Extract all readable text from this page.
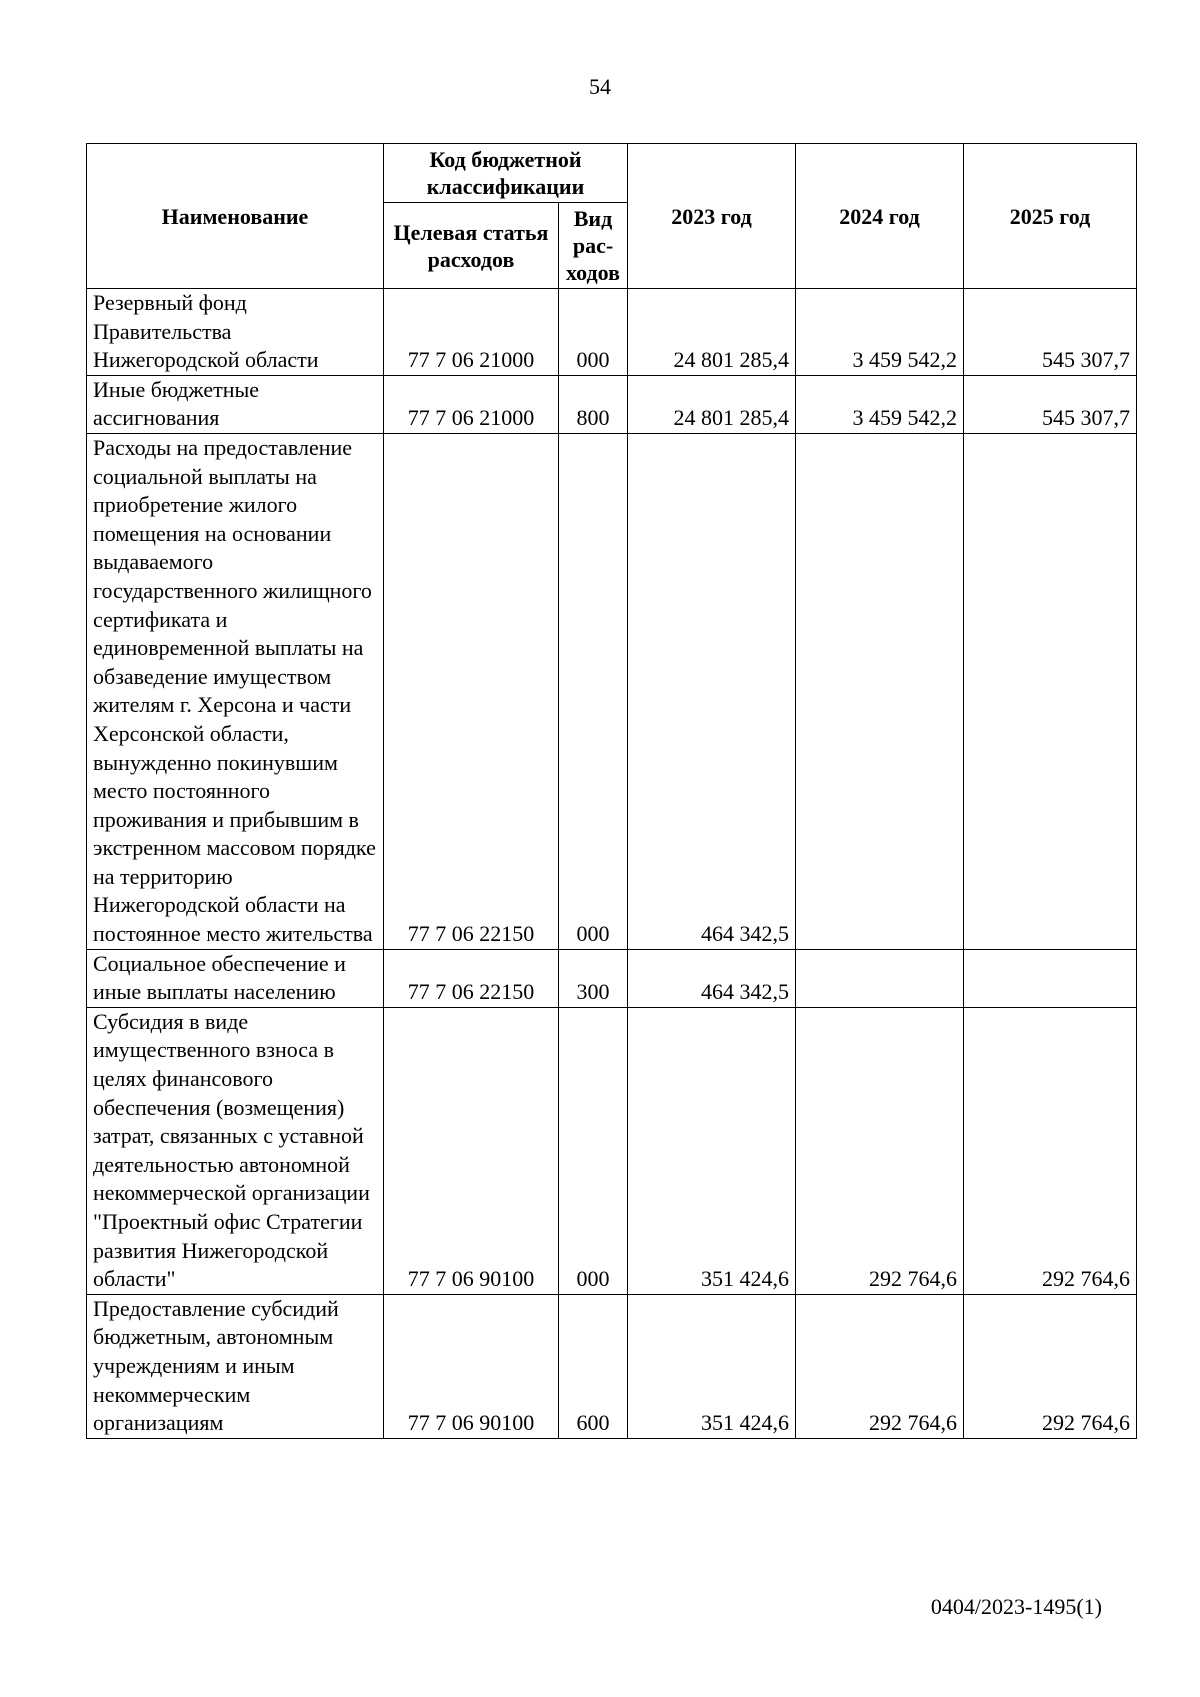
54
Наименование	Код бюджетной классификации		2023 год	2024 год	2025 год
	Целевая статья расходов	Вид рас-ходов			
Резервный фонд Правительства Нижегородской области	77 7 06 21000	000	24 801 285,4	3 459 542,2	545 307,7
Иные бюджетные ассигнования	77 7 06 21000	800	24 801 285,4	3 459 542,2	545 307,7
Расходы на предоставление социальной выплаты на приобретение жилого помещения на основании выдаваемого государственного жилищного сертификата и единовременной выплаты на обзаведение имуществом жителям г. Херсона и части Херсонской области, вынужденно покинувшим место постоянного проживания и прибывшим в экстренном массовом порядке на территорию Нижегородской области на постоянное место жительства	77 7 06 22150	000	464 342,5		
Социальное обеспечение и иные выплаты населению	77 7 06 22150	300	464 342,5		
Субсидия в виде имущественного взноса в целях финансового обеспечения (возмещения) затрат, связанных с уставной деятельностью автономной некоммерческой организации "Проектный офис Стратегии развития Нижегородской области"	77 7 06 90100	000	351 424,6	292 764,6	292 764,6
Предоставление субсидий бюджетным, автономным учреждениям и иным некоммерческим организациям	77 7 06 90100	600	351 424,6	292 764,6	292 764,6
0404/2023-1495(1)
